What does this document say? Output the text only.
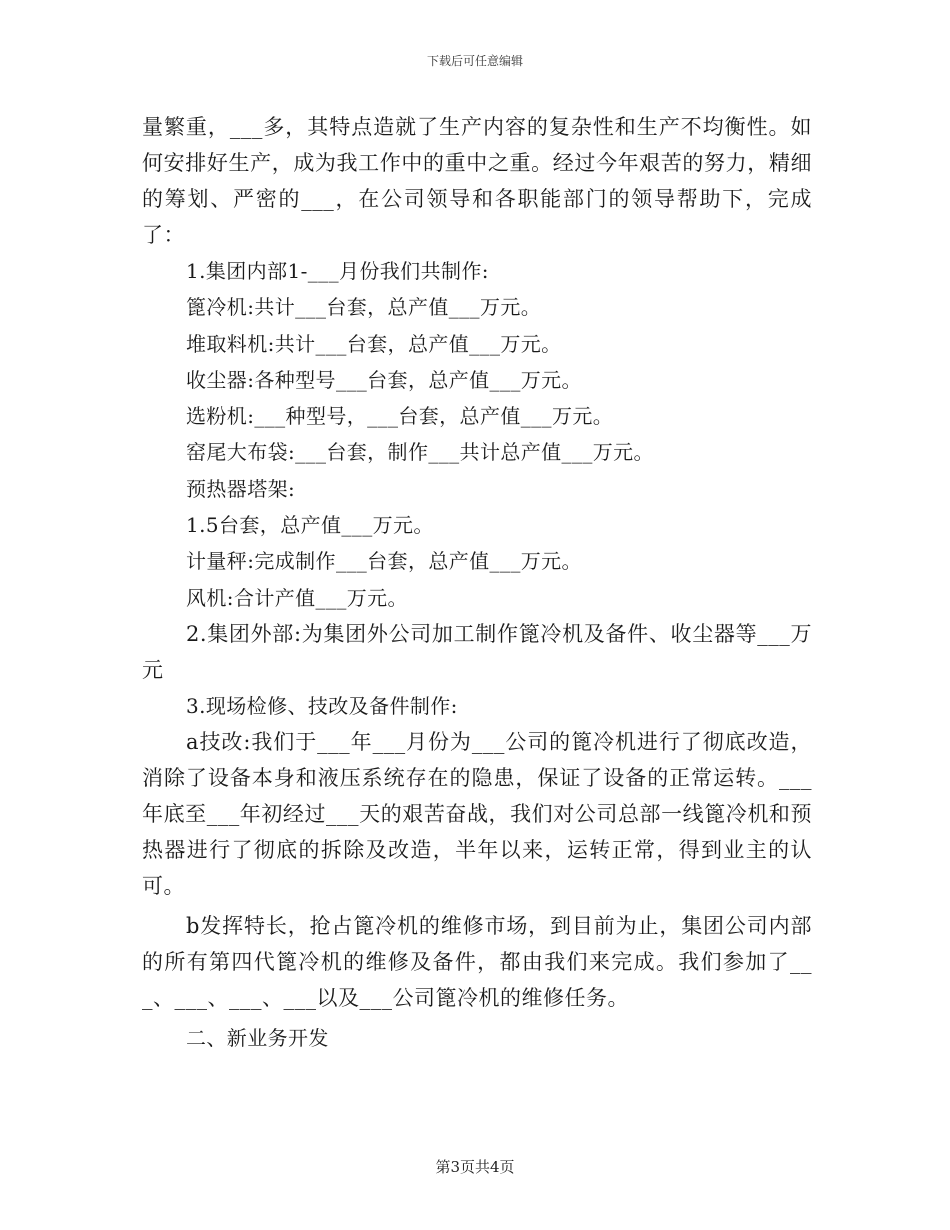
下载后可任意编辑

量繁重，___多，其特点造就了生产内容的复杂性和生产不均衡性。如何安排好生产，成为我工作中的重中之重。经过今年艰苦的努力，精细的筹划、严密的___，在公司领导和各职能部门的领导帮助下，完成了：

1.集团内部1-___月份我们共制作:

篦冷机:共计___台套，总产值___万元。

堆取料机:共计___台套，总产值___万元。

收尘器:各种型号___台套，总产值___万元。

选粉机:___种型号，___台套，总产值___万元。

窑尾大布袋:___台套，制作___共计总产值___万元。

预热器塔架:

1.5台套，总产值___万元。

计量秤:完成制作___台套，总产值___万元。

风机:合计产值___万元。

2.集团外部:为集团外公司加工制作篦冷机及备件、收尘器等___万元

3.现场检修、技改及备件制作:

a技改:我们于___年___月份为___公司的篦冷机进行了彻底改造，消除了设备本身和液压系统存在的隐患，保证了设备的正常运转。___年底至___年初经过___天的艰苦奋战，我们对公司总部一线篦冷机和预热器进行了彻底的拆除及改造，半年以来，运转正常，得到业主的认可。

b发挥特长，抢占篦冷机的维修市场，到目前为止，集团公司内部的所有第四代篦冷机的维修及备件，都由我们来完成。我们参加了___、___、___、___以及___公司篦冷机的维修任务。

二、新业务开发

第3页共4页
